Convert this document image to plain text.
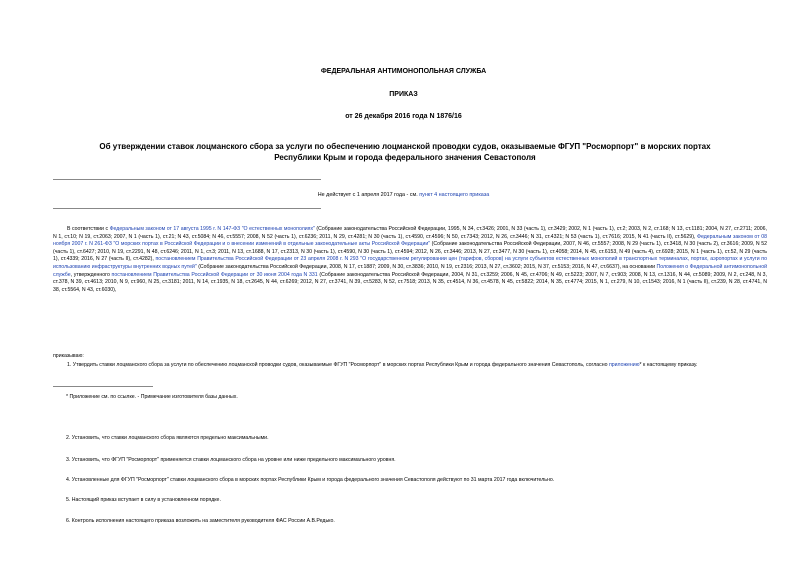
ФЕДЕРАЛЬНАЯ АНТИМОНОПОЛЬНАЯ СЛУЖБА
ПРИКАЗ
от 26 декабря 2016 года N 1876/16
Об утверждении ставок лоцманского сбора за услуги по обеспечению лоцманской проводки судов, оказываемые ФГУП "Росморпорт" в морских портах
Республики Крым и города федерального значения Севастополя
Не действует с 1 апреля 2017 года - см. пункт 4 настоящего приказа
В соответствии с Федеральным законом от 17 августа 1995 г. N 147-ФЗ "О естественных монополиях" (Собрание законодательства Российской Федерации, 1995, N 34, ст.3426; 2001, N 33 (часть 1), ст.3429; 2002, N 1 (часть 1), ст.2; 2003, N 2, ст.168; N 13, ст.1181; 2004, N 27, ст.2711; 2006, N 1, ст.10; N 19, ст.2063; 2007, N 1 (часть 1), ст.21; N 43, ст.5084; N 46, ст.5557; 2008, N 52 (часть 1), ст.6236; 2011, N 29, ст.4281; N 30 (часть 1), ст.4590, ст.4596; N 50, ст.7343; 2012, N 26, ст.3446; N 31, ст.4321; N 53 (часть 1), ст.7616; 2015, N 41 (часть II), ст.5629), Федеральным законом от 08 ноября 2007 г. N 261-ФЗ "О морских портах в Российской Федерации и о внесении изменений в отдельные законодательные акты Российской Федерации" (Собрание законодательства Российской Федерации, 2007, N 46, ст.5557; 2008, N 29 (часть 1), ст.3418, N 30 (часть 2), ст.3616; 2009, N 52 (часть 1), ст.6427; 2010, N 19, ст.2291, N 48, ст.6246; 2011, N 1, ст.3; 2011, N 13, ст.1688, N 17, ст.2313, N 30 (часть 1), ст.4590, N 30 (часть 1), ст.4594; 2012, N 26, ст.3446; 2013, N 27, ст.3477, N 30 (часть 1), ст.4058; 2014, N 45, ст.6153, N 49 (часть 4), ст.6928; 2015, N 1 (часть 1), ст.52, N 29 (часть 1), ст.4339; 2016, N 27 (часть II), ст.4282), постановлением Правительства Российской Федерации от 23 апреля 2008 г. N 293 "О государственном регулировании цен (тарифов, сборов) на услуги субъектов естественных монополий в транспортных терминалах, портах, аэропортах и услуги по использованию инфраструктуры внутренних водных путей" (Собрание законодательства Российской Федерации, 2008, N 17, ст.1887; 2009, N 30, ст.3836; 2010, N 19, ст.2316; 2013, N 27, ст.3602; 2015, N 37, ст.5153; 2016, N 47, ст.6637), на основании Положения о Федеральной антимонопольной службе, утвержденного постановлением Правительства Российской Федерации от 30 июня 2004 года N 331 (Собрание законодательства Российской Федерации, 2004, N 31, ст.3259; 2006, N 45, ст.4706; N 49, ст.5223; 2007, N 7, ст.903; 2008, N 13, ст.1316, N 44, ст.5089; 2009, N 2, ст.248, N 3, ст.378, N 39, ст.4613; 2010, N 9, ст.960, N 25, ст.3181; 2011, N 14, ст.1935, N 18, ст.2645, N 44, ст.6269; 2012, N 27, ст.3741, N 39, ст.5283, N 52, ст.7518; 2013, N 35, ст.4514, N 36, ст.4578, N 45, ст.5822; 2014, N 35, ст.4774; 2015, N 1, ст.279, N 10, ст.1543; 2016, N 1 (часть II), ст.239, N 28, ст.4741, N 38, ст.5564, N 43, ст.6030),
приказываю:
1. Утвердить ставки лоцманского сбора за услуги по обеспечению лоцманской проводки судов, оказываемые ФГУП "Росморпорт" в морских портах Республики Крым и города федерального значения Севастополь, согласно приложению* к настоящему приказу.
* Приложение см. по ссылке. - Примечание изготовителя базы данных.
2. Установить, что ставки лоцманского сбора являются предельно максимальными.
3. Установить, что ФГУП "Росморпорт" применяется ставки лоцманского сбора на уровне или ниже предельного максимального уровня.
4. Установленные для ФГУП "Росморпорт" ставки лоцманского сбора в морских портах Республики Крым и города федерального значения Севастополя действуют по 31 марта 2017 года включительно.
5. Настоящий приказ вступает в силу в установленном порядке.
6. Контроль исполнения настоящего приказа возложить на заместителя руководителя ФАС России А.В.Редько.
